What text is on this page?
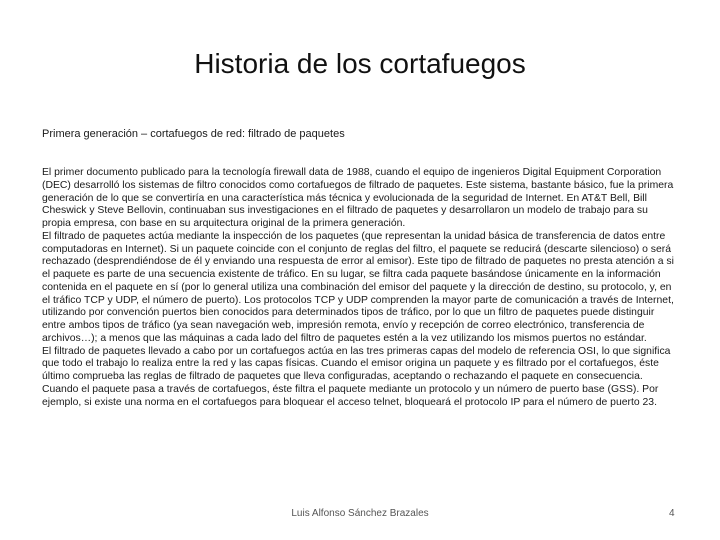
Historia de los cortafuegos
Primera generación – cortafuegos de red: filtrado de paquetes

El primer documento publicado para la tecnología firewall data de 1988, cuando el equipo de ingenieros Digital Equipment Corporation (DEC) desarrolló los sistemas de filtro conocidos como cortafuegos de filtrado de paquetes. Este sistema, bastante básico, fue la primera generación de lo que se convertiría en una característica más técnica y evolucionada de la seguridad de Internet. En AT&T Bell, Bill Cheswick y Steve Bellovin, continuaban sus investigaciones en el filtrado de paquetes y desarrollaron un modelo de trabajo para su propia empresa, con base en su arquitectura original de la primera generación.

El filtrado de paquetes actúa mediante la inspección de los paquetes (que representan la unidad básica de transferencia de datos entre computadoras en Internet). Si un paquete coincide con el conjunto de reglas del filtro, el paquete se reducirá (descarte silencioso) o será rechazado (desprendiéndose de él y enviando una respuesta de error al emisor). Este tipo de filtrado de paquetes no presta atención a si el paquete es parte de una secuencia existente de tráfico. En su lugar, se filtra cada paquete basándose únicamente en la información contenida en el paquete en sí (por lo general utiliza una combinación del emisor del paquete y la dirección de destino, su protocolo, y, en el tráfico TCP y UDP, el número de puerto). Los protocolos TCP y UDP comprenden la mayor parte de comunicación a través de Internet, utilizando por convención puertos bien conocidos para determinados tipos de tráfico, por lo que un filtro de paquetes puede distinguir entre ambos tipos de tráfico (ya sean navegación web, impresión remota, envío y recepción de correo electrónico, transferencia de archivos…); a menos que las máquinas a cada lado del filtro de paquetes estén a la vez utilizando los mismos puertos no estándar.

El filtrado de paquetes llevado a cabo por un cortafuegos actúa en las tres primeras capas del modelo de referencia OSI, lo que significa que todo el trabajo lo realiza entre la red y las capas físicas. Cuando el emisor origina un paquete y es filtrado por el cortafuegos, éste último comprueba las reglas de filtrado de paquetes que lleva configuradas, aceptando o rechazando el paquete en consecuencia. Cuando el paquete pasa a través de cortafuegos, éste filtra el paquete mediante un protocolo y un número de puerto base (GSS). Por ejemplo, si existe una norma en el cortafuegos para bloquear el acceso telnet, bloqueará el protocolo IP para el número de puerto 23.

Luis Alfonso Sánchez Brazales	4
